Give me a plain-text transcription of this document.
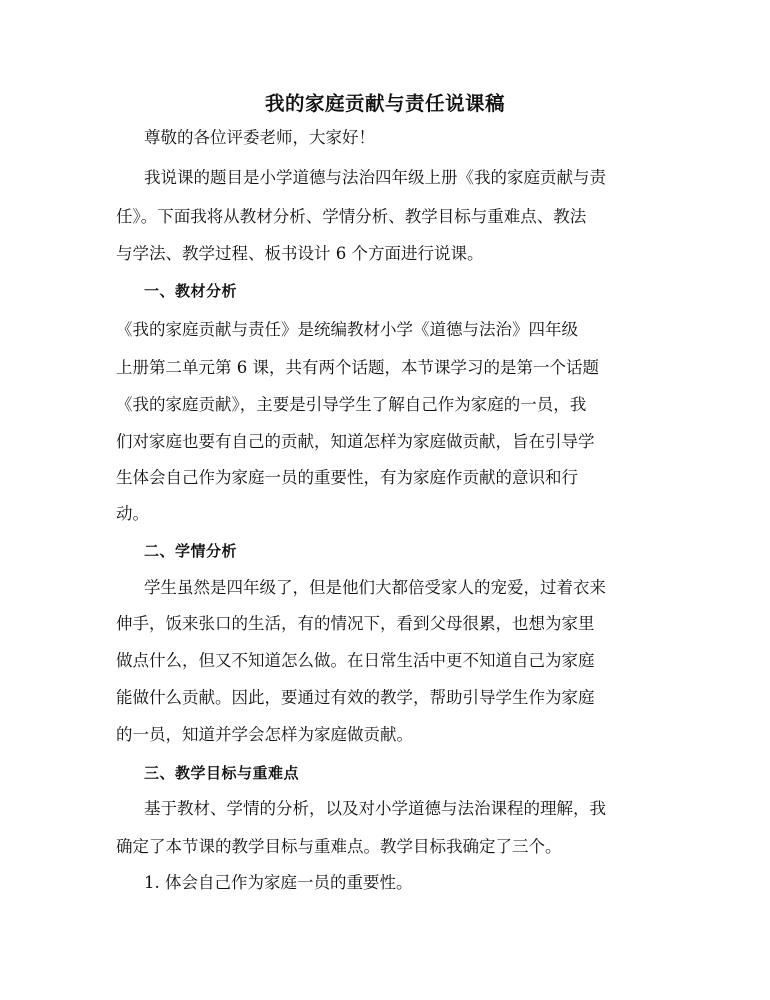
我的家庭贡献与责任说课稿
尊敬的各位评委老师，大家好！
我说课的题目是小学道德与法治四年级上册《我的家庭贡献与责
任》。下面我将从教材分析、学情分析、教学目标与重难点、教法
与学法、教学过程、板书设计 6 个方面进行说课。
一、教材分析
《我的家庭贡献与责任》是统编教材小学《道德与法治》四年级
上册第二单元第 6 课，共有两个话题，本节课学习的是第一个话题
《我的家庭贡献》，主要是引导学生了解自己作为家庭的一员，我
们对家庭也要有自己的贡献，知道怎样为家庭做贡献，旨在引导学
生体会自己作为家庭一员的重要性，有为家庭作贡献的意识和行
动。
二、学情分析
学生虽然是四年级了，但是他们大都倍受家人的宠爱，过着衣来
伸手，饭来张口的生活，有的情况下，看到父母很累，也想为家里
做点什么，但又不知道怎么做。在日常生活中更不知道自己为家庭
能做什么贡献。因此，要通过有效的教学，帮助引导学生作为家庭
的一员，知道并学会怎样为家庭做贡献。
三、教学目标与重难点
基于教材、学情的分析，以及对小学道德与法治课程的理解，我
确定了本节课的教学目标与重难点。教学目标我确定了三个。
1. 体会自己作为家庭一员的重要性。
